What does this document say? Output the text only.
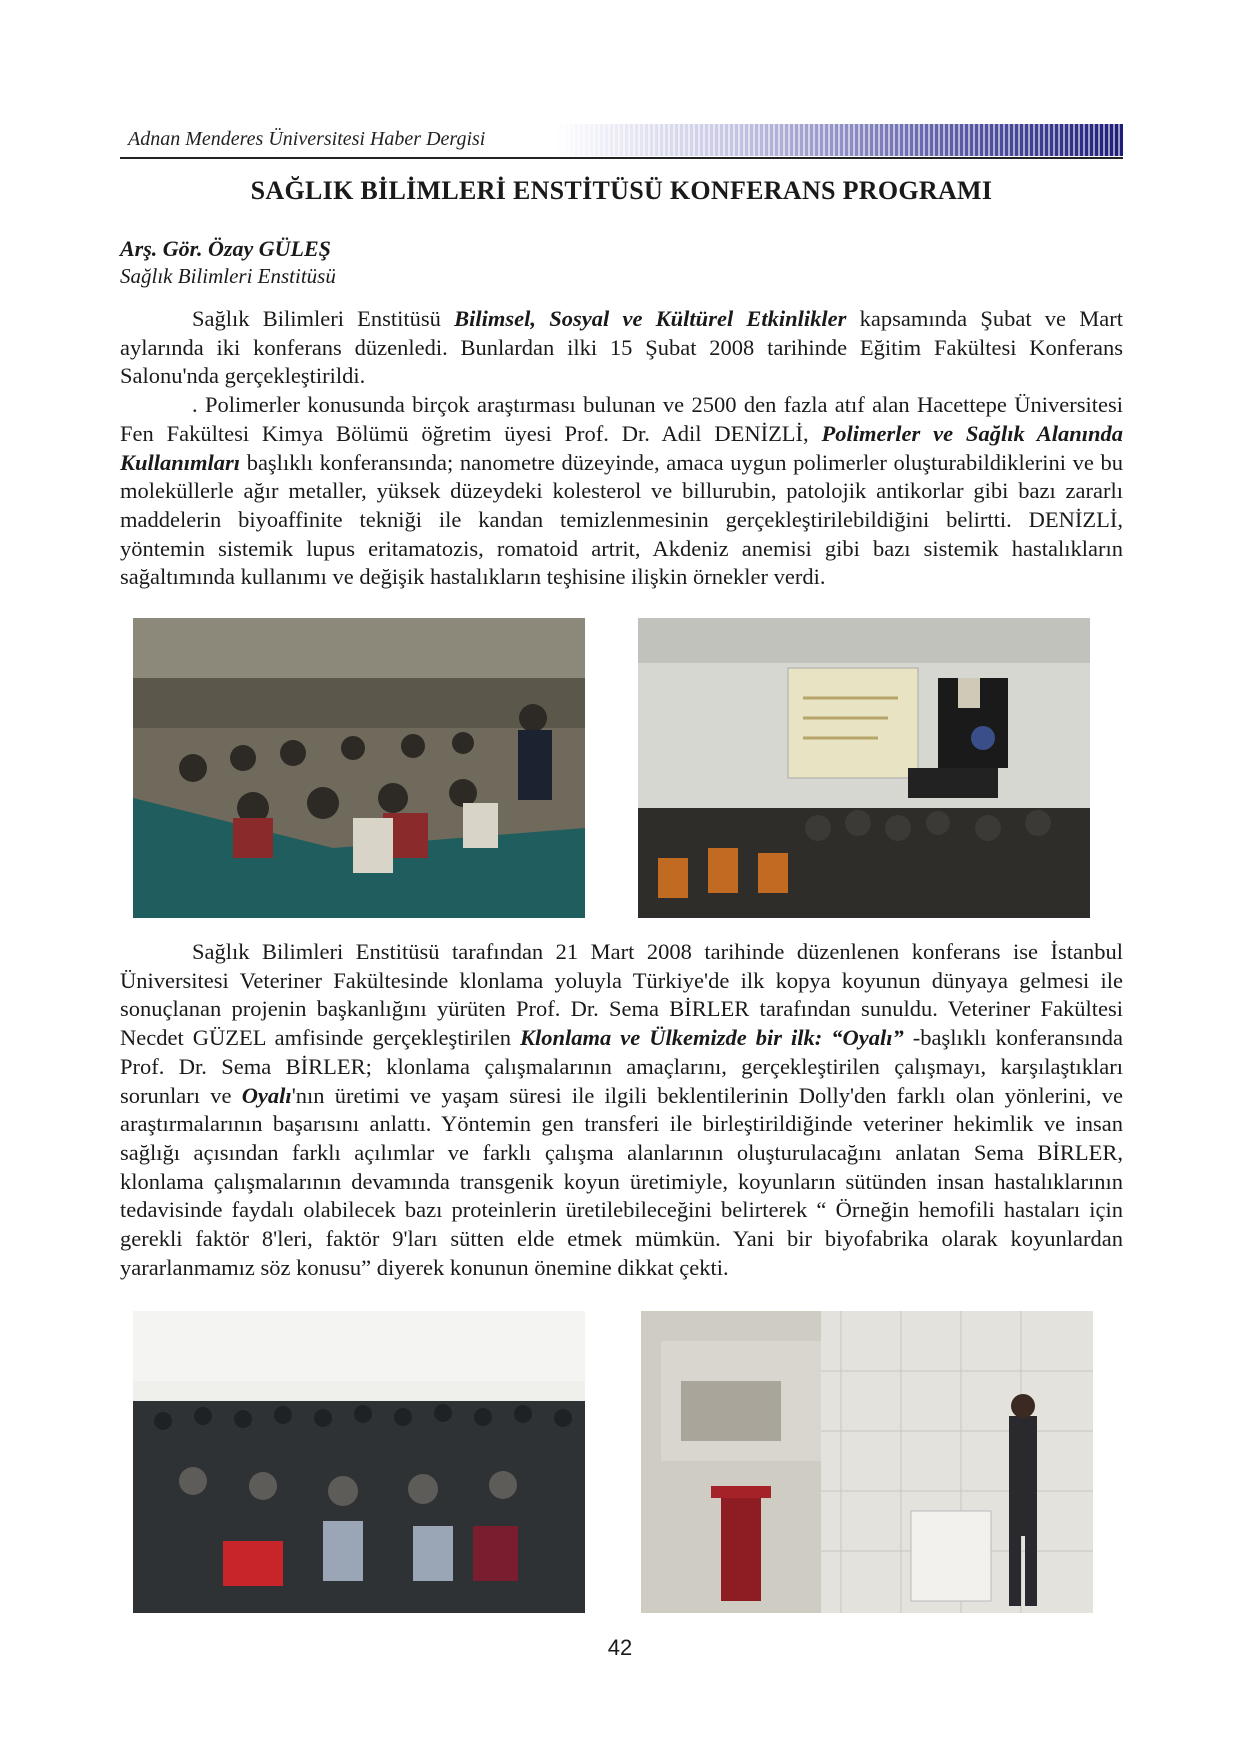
Adnan Menderes Üniversitesi Haber Dergisi
SAĞLIK BİLİMLERİ ENSTİTÜSÜ KONFERANS PROGRAMI
Arş. Gör. Özay GÜLEŞ
Sağlık Bilimleri Enstitüsü

Sağlık Bilimleri Enstitüsü Bilimsel, Sosyal ve Kültürel Etkinlikler kapsamında Şubat ve Mart aylarında iki konferans düzenledi. Bunlardan ilki 15 Şubat 2008 tarihinde Eğitim Fakültesi Konferans Salonu'nda gerçekleştirildi.

. Polimerler konusunda birçok araştırması bulunan ve 2500 den fazla atıf alan Hacettepe Üniversitesi Fen Fakültesi Kimya Bölümü öğretim üyesi Prof. Dr. Adil DENİZLİ, Polimerler ve Sağlık Alanında Kullanımları başlıklı konferansında; nanometre düzeyinde, amaca uygun polimerler oluşturabildiklerini ve bu moleküllerle ağır metaller, yüksek düzeydeki kolesterol ve billurubin, patolojik antikorlar gibi bazı zararlı maddelerin biyoaffinite tekniği ile kandan temizlenmesinin gerçekleştirilebildiğini belirtti. DENİZLİ, yöntemin sistemik lupus eritamatozis, romatoid artrit, Akdeniz anemisi gibi bazı sistemik hastalıkların sağaltımında kullanımı ve değişik hastalıkların teşhisine ilişkin örnekler verdi.

Sağlık Bilimleri Enstitüsü tarafından 21 Mart 2008 tarihinde düzenlenen konferans ise İstanbul Üniversitesi Veteriner Fakültesinde klonlama yoluyla Türkiye'de ilk kopya koyunun dünyaya gelmesi ile sonuçlanan projenin başkanlığını yürüten Prof. Dr. Sema BİRLER tarafından sunuldu. Veteriner Fakültesi Necdet GÜZEL amfisinde gerçekleştirilen Klonlama ve Ülkemizde bir ilk: “Oyalı” -başlıklı konferansında Prof. Dr. Sema BİRLER; klonlama çalışmalarının amaçlarını, gerçekleştirilen çalışmayı, karşılaştıkları sorunları ve Oyalı'nın üretimi ve yaşam süresi ile ilgili beklentilerinin Dolly'den farklı olan yönlerini, ve araştırmalarının başarısını anlattı. Yöntemin gen transferi ile birleştirildiğinde veteriner hekimlik ve insan sağlığı açısından farklı açılımlar ve farklı çalışma alanlarının oluşturulacağını anlatan Sema BİRLER, klonlama çalışmalarının devamında transgenik koyun üretimiyle, koyunların sütünden insan hastalıklarının tedavisinde faydalı olabilecek bazı proteinlerin üretilebileceğini belirterek “ Örneğin hemofili hastaları için gerekli faktör 8'leri, faktör 9'ları sütten elde etmek mümkün. Yani bir biyofabrika olarak koyunlardan yararlanmamız söz konusu” diyerek konunun önemine dikkat çekti.

42
